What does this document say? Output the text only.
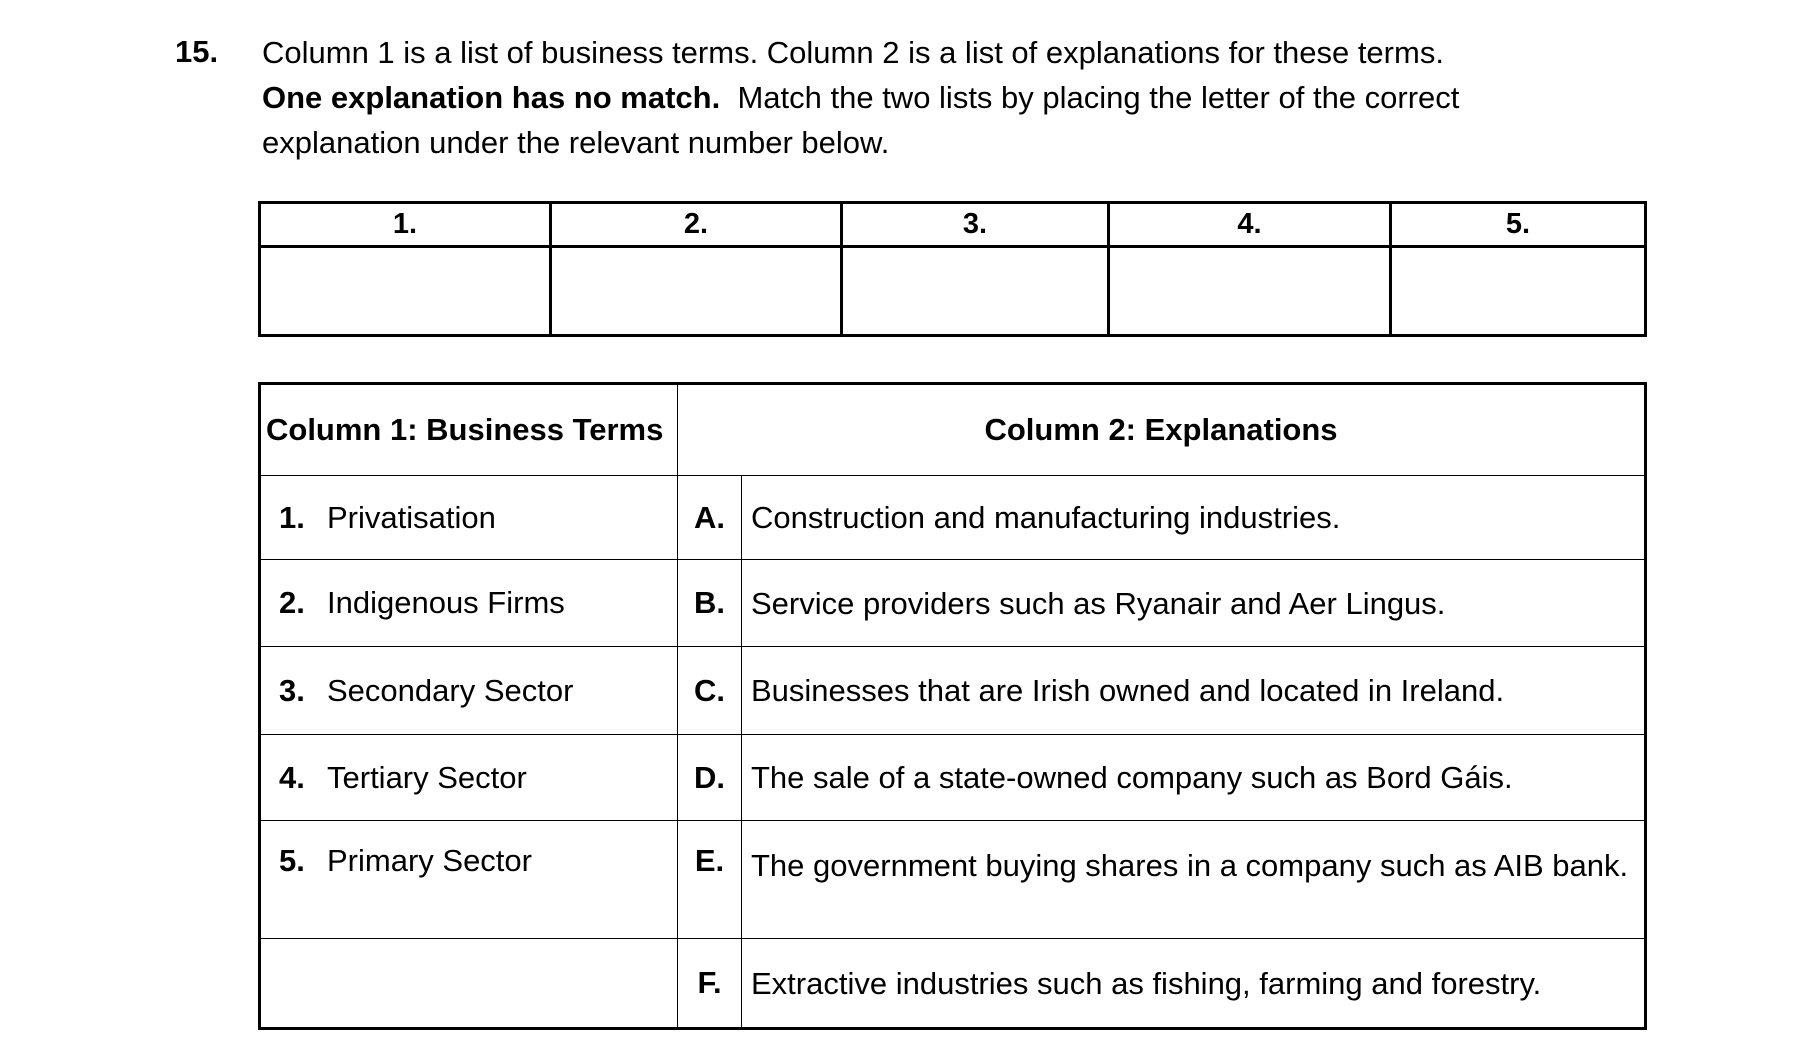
15. Column 1 is a list of business terms. Column 2 is a list of explanations for these terms.
One explanation has no match. Match the two lists by placing the letter of the correct
explanation under the relevant number below.
1.	2.	3.	4.	5.

Column 1: Business Terms	Column 2: Explanations	
1. Privatisation	A.	Construction and manufacturing industries.
2. Indigenous Firms	B.	Service providers such as Ryanair and Aer Lingus.
3. Secondary Sector	C.	Businesses that are Irish owned and located in Ireland.
4. Tertiary Sector	D.	The sale of a state-owned company such as Bord Gáis.
5. Primary Sector	E.	The government buying shares in a company such as AIB bank.
	F.	Extractive industries such as fishing, farming and forestry.
